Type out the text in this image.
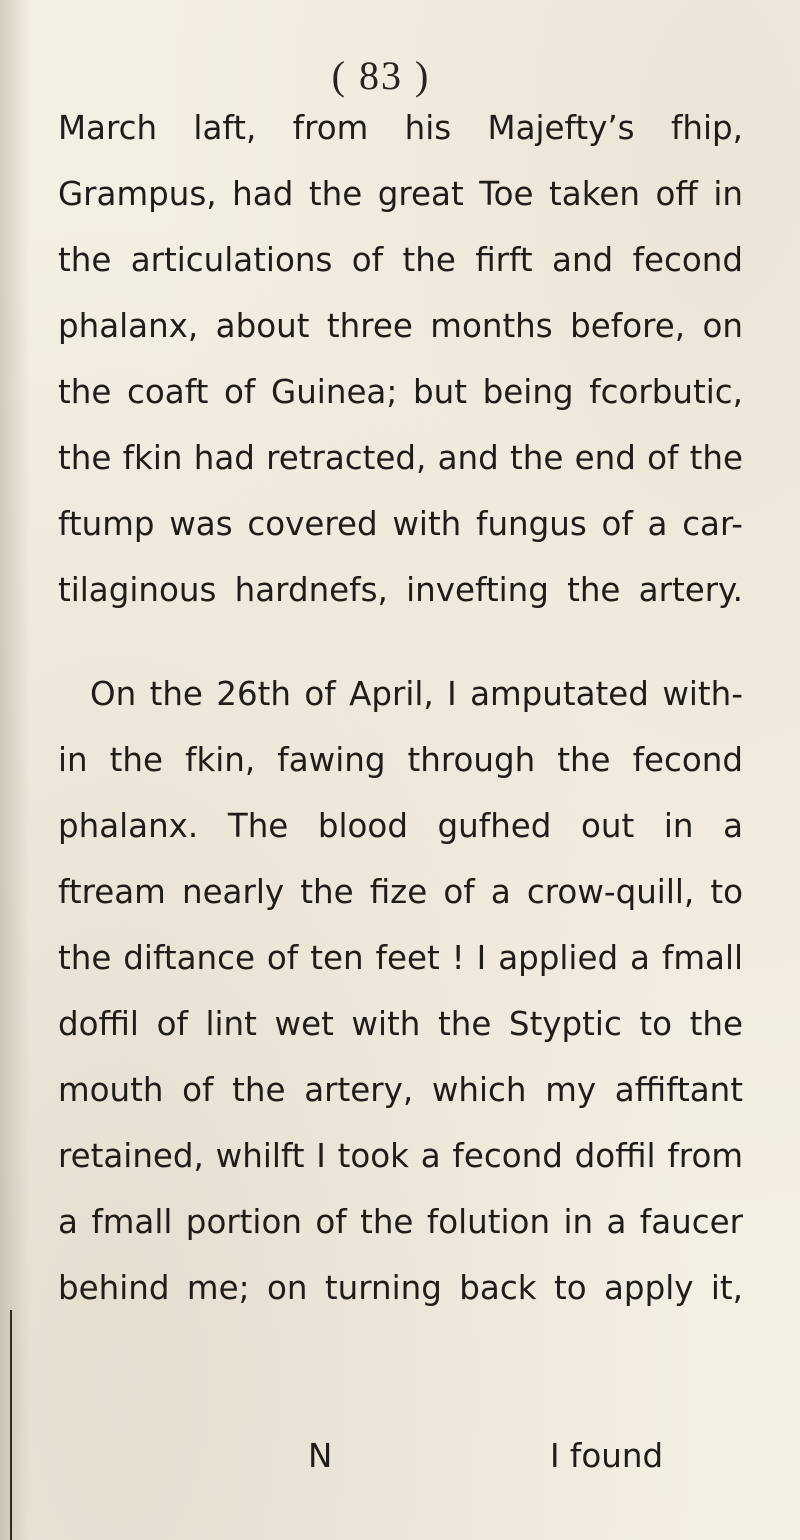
( 83 )
March laft, from his Majefty’s fhip,
Grampus, had the great Toe taken off in
the articulations of the firft and fecond
phalanx, about three months before, on
the coaft of Guinea; but being fcorbutic,
the fkin had retracted, and the end of the
ftump was covered with fungus of a car-
tilaginous hardnefs, invefting the artery.
On the 26th of April, I amputated with-
in the fkin, fawing through the fecond
phalanx. The blood gufhed out in a
ftream nearly the fize of a crow-quill, to
the diftance of ten feet ! I applied a fmall
doffil of lint wet with the Styptic to the
mouth of the artery, which my affiftant
retained, whilft I took a fecond doffil from
a fmall portion of the folution in a faucer
behind me; on turning back to apply it,
N	I found
